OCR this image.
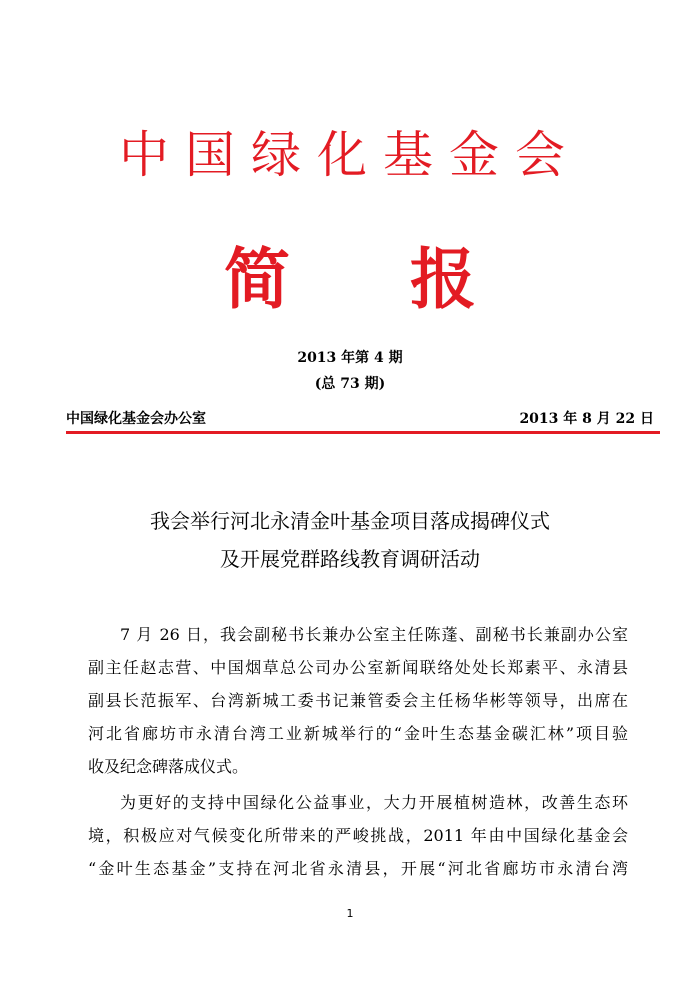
中国绿化基金会
简报
2013 年第 4 期
(总 73 期)
中国绿化基金会办公室	2013 年 8 月 22 日
我会举行河北永清金叶基金项目落成揭碑仪式
及开展党群路线教育调研活动
7 月 26 日，我会副秘书长兼办公室主任陈蓬、副秘书长兼副办公室
副主任赵志营、中国烟草总公司办公室新闻联络处处长郑素平、永清县
副县长范振军、台湾新城工委书记兼管委会主任杨华彬等领导，出席在
河北省廊坊市永清台湾工业新城举行的“金叶生态基金碳汇林”项目验
收及纪念碑落成仪式。
为更好的支持中国绿化公益事业，大力开展植树造林，改善生态环
境，积极应对气候变化所带来的严峻挑战，2011 年由中国绿化基金会
“金叶生态基金”支持在河北省永清县，开展“河北省廊坊市永清台湾
1
